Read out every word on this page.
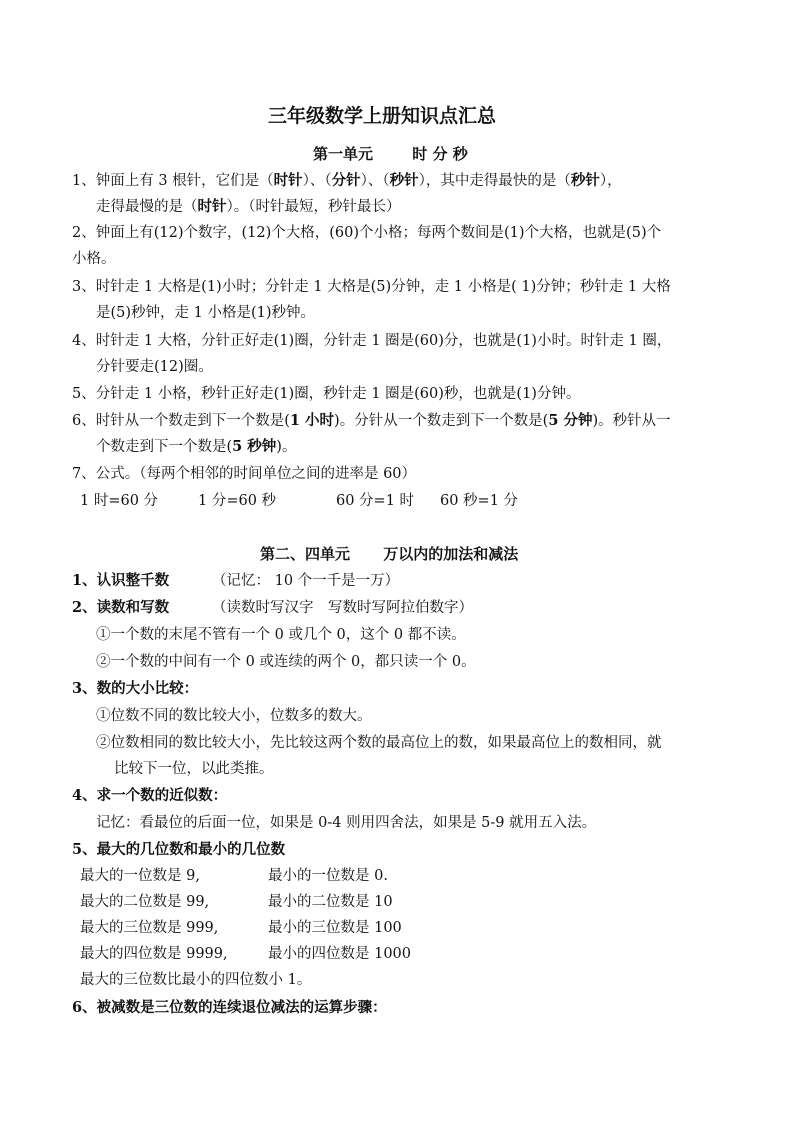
三年级数学上册知识点汇总
第一单元	时 分 秒
1、钟面上有 3 根针，它们是（时针）、（分针）、（秒针），其中走得最快的是（秒针），
走得最慢的是（时针）。（时针最短，秒针最长）
2、钟面上有(12)个数字，(12)个大格，(60)个小格；每两个数间是(1)个大格，也就是(5)个
小格。
3、时针走 1 大格是(1)小时；分针走 1 大格是(5)分钟，走 1 小格是( 1)分钟；秒针走 1 大格
是(5)秒钟，走 1 小格是(1)秒钟。
4、时针走 1 大格，分针正好走(1)圈，分针走 1 圈是(60)分，也就是(1)小时。时针走 1 圈，
分针要走(12)圈。
5、分针走 1 小格，秒针正好走(1)圈，秒针走 1 圈是(60)秒，也就是(1)分钟。
6、时针从一个数走到下一个数是(1 小时)。分针从一个数走到下一个数是(5 分钟)。秒针从一
个数走到下一个数是(5 秒钟)。
7、公式。（每两个相邻的时间单位之间的进率是 60）
1 时=60 分	1 分=60 秒	60 分=1 时 60 秒=1 分
第二、四单元 万以内的加法和减法
1、认识整千数	（记忆： 10 个一千是一万）
2、读数和写数	（读数时写汉字　写数时写阿拉伯数字）
①一个数的末尾不管有一个 0 或几个 0，这个 0 都不读。
②一个数的中间有一个 0 或连续的两个 0，都只读一个 0。
3、数的大小比较：
①位数不同的数比较大小，位数多的数大。
②位数相同的数比较大小，先比较这两个数的最高位上的数，如果最高位上的数相同，就
比较下一位，以此类推。
4、求一个数的近似数：
记忆：看最位的后面一位，如果是 0-4 则用四舍法，如果是 5-9 就用五入法。
5、最大的几位数和最小的几位数
最大的一位数是 9,	最小的一位数是 0.
最大的二位数是 99,	最小的二位数是 10
最大的三位数是 999,	最小的三位数是 100
最大的四位数是 9999,	最小的四位数是 1000
最大的三位数比最小的四位数小 1。
6、被减数是三位数的连续退位减法的运算步骤：
